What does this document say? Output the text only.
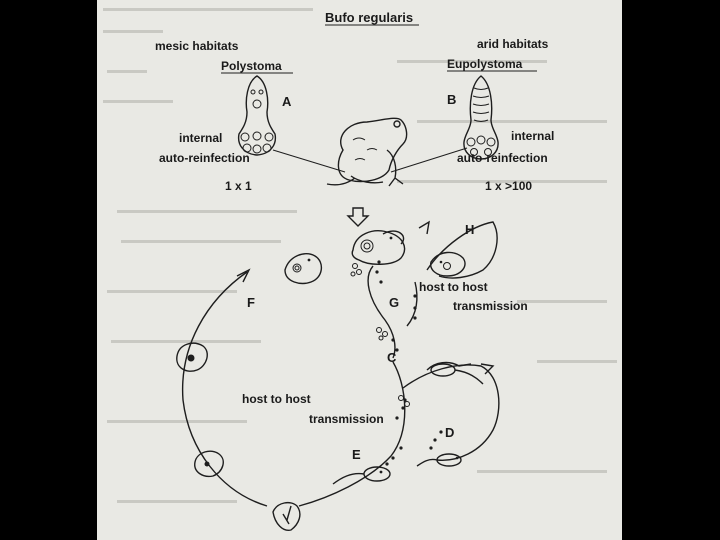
Bufo regularis
mesic habitats
Polystoma
arid habitats
Eupolystoma
A	B
internal
auto-reinfection
1 x 1
internal
auto-reinfection
1 x >100
C
D
E
F	G
H
host to host
transmission
host to host
transmission
